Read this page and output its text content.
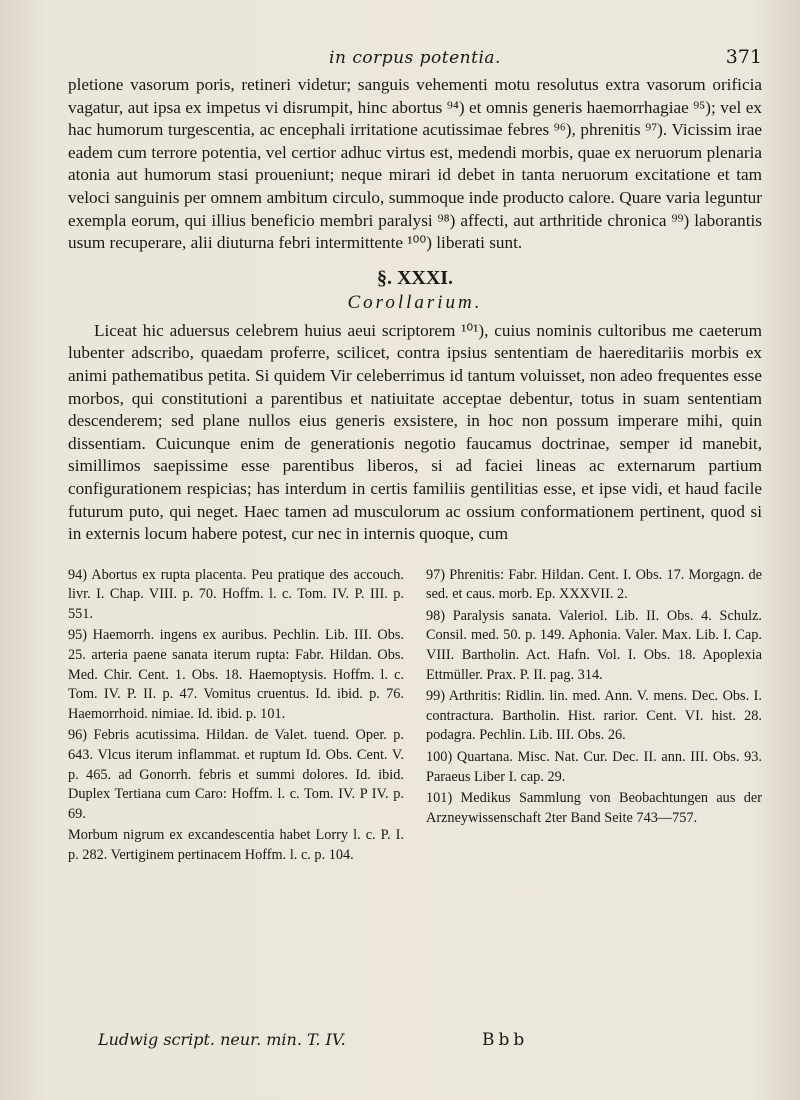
in corpus potentia.	371

pletione vasorum poris, retineri videtur; sanguis vehementi motu resolutus extra vasorum orificia vagatur, aut ipsa ex impetus vi disrumpit, hinc abortus ⁹⁴) et omnis generis haemorrhagiae ⁹⁵); vel ex hac humorum turgescentia, ac encephali irritatione acutissimae febres ⁹⁶), phrenitis ⁹⁷). Vicissim irae eadem cum terrore potentia, vel certior adhuc virtus est, medendi morbis, quae ex neruorum plenaria atonia aut humorum stasi proueniunt; neque mirari id debet in tanta neruorum excitatione et tam veloci sanguinis per omnem ambitum circulo, summoque inde producto calore. Quare varia leguntur exempla eorum, qui illius beneficio membri paralysi ⁹⁸) affecti, aut arthritide chronica ⁹⁹) laborantis usum recuperare, alii diuturna febri intermittente ¹⁰⁰) liberati sunt.

§. XXXI.
Corollarium.

Liceat hic aduersus celebrem huius aeui scriptorem ¹⁰¹), cuius nominis cultoribus me caeterum lubenter adscribo, quaedam proferre, scilicet, contra ipsius sententiam de haereditariis morbis ex animi pathematibus petita. Si quidem Vir celeberrimus id tantum voluisset, non adeo frequentes esse morbos, qui constitutioni a parentibus et natiuitate acceptae debentur, totus in suam sententiam descenderem; sed plane nullos eius generis exsistere, in hoc non possum imperare mihi, quin dissentiam. Cuicunque enim de generationis negotio faucamus doctrinae, semper id manebit, simillimos saepissime esse parentibus liberos, si ad faciei lineas ac externarum partium configurationem respicias; has interdum in certis familiis gentilitias esse, et ipse vidi, et haud facile futurum puto, qui neget. Haec tamen ad musculorum ac ossium conformationem pertinent, quod si in externis locum habere potest, cur nec in internis quoque, cum

94) Abortus ex rupta placenta. Peu pratique des accouch. livr. I. Chap. VIII. p. 70. Hoffm. l. c. Tom. IV. P. III. p. 551.

95) Haemorrh. ingens ex auribus. Pechlin. Lib. III. Obs. 25. arteria paene sanata iterum rupta: Fabr. Hildan. Obs. Med. Chir. Cent. 1. Obs. 18. Haemoptysis. Hoffm. l. c. Tom. IV. P. II. p. 47. Vomitus cruentus. Id. ibid. p. 76. Haemorrhoid. nimiae. Id. ibid. p. 101.

96) Febris acutissima. Hildan. de Valet. tuend. Oper. p. 643. Vlcus iterum inflammat. et ruptum Id. Obs. Cent. V. p. 465. ad Gonorrh. febris et summi dolores. Id. ibid. Duplex Tertiana cum Caro: Hoffm. l. c. Tom. IV. P IV. p. 69.

Morbum nigrum ex excandescentia habet Lorry l. c. P. I. p. 282. Vertiginem pertinacem Hoffm. l. c. p. 104.

97) Phrenitis: Fabr. Hildan. Cent. I. Obs. 17. Morgagn. de sed. et caus. morb. Ep. XXXVII. 2.

98) Paralysis sanata. Valeriol. Lib. II. Obs. 4. Schulz. Consil. med. 50. p. 149. Aphonia. Valer. Max. Lib. I. Cap. VIII. Bartholin. Act. Hafn. Vol. I. Obs. 18. Apoplexia Ettmüller. Prax. P. II. pag. 314.

99) Arthritis: Ridlin. lin. med. Ann. V. mens. Dec. Obs. I. contractura. Bartholin. Hist. rarior. Cent. VI. hist. 28. podagra. Pechlin. Lib. III. Obs. 26.

100) Quartana. Misc. Nat. Cur. Dec. II. ann. III. Obs. 93. Paraeus Liber I. cap. 29.

101) Medikus Sammlung von Beobachtungen aus der Arzneywissenschaft 2ter Band Seite 743—757.

Ludwig script. neur. min. T. IV.	Bbb
